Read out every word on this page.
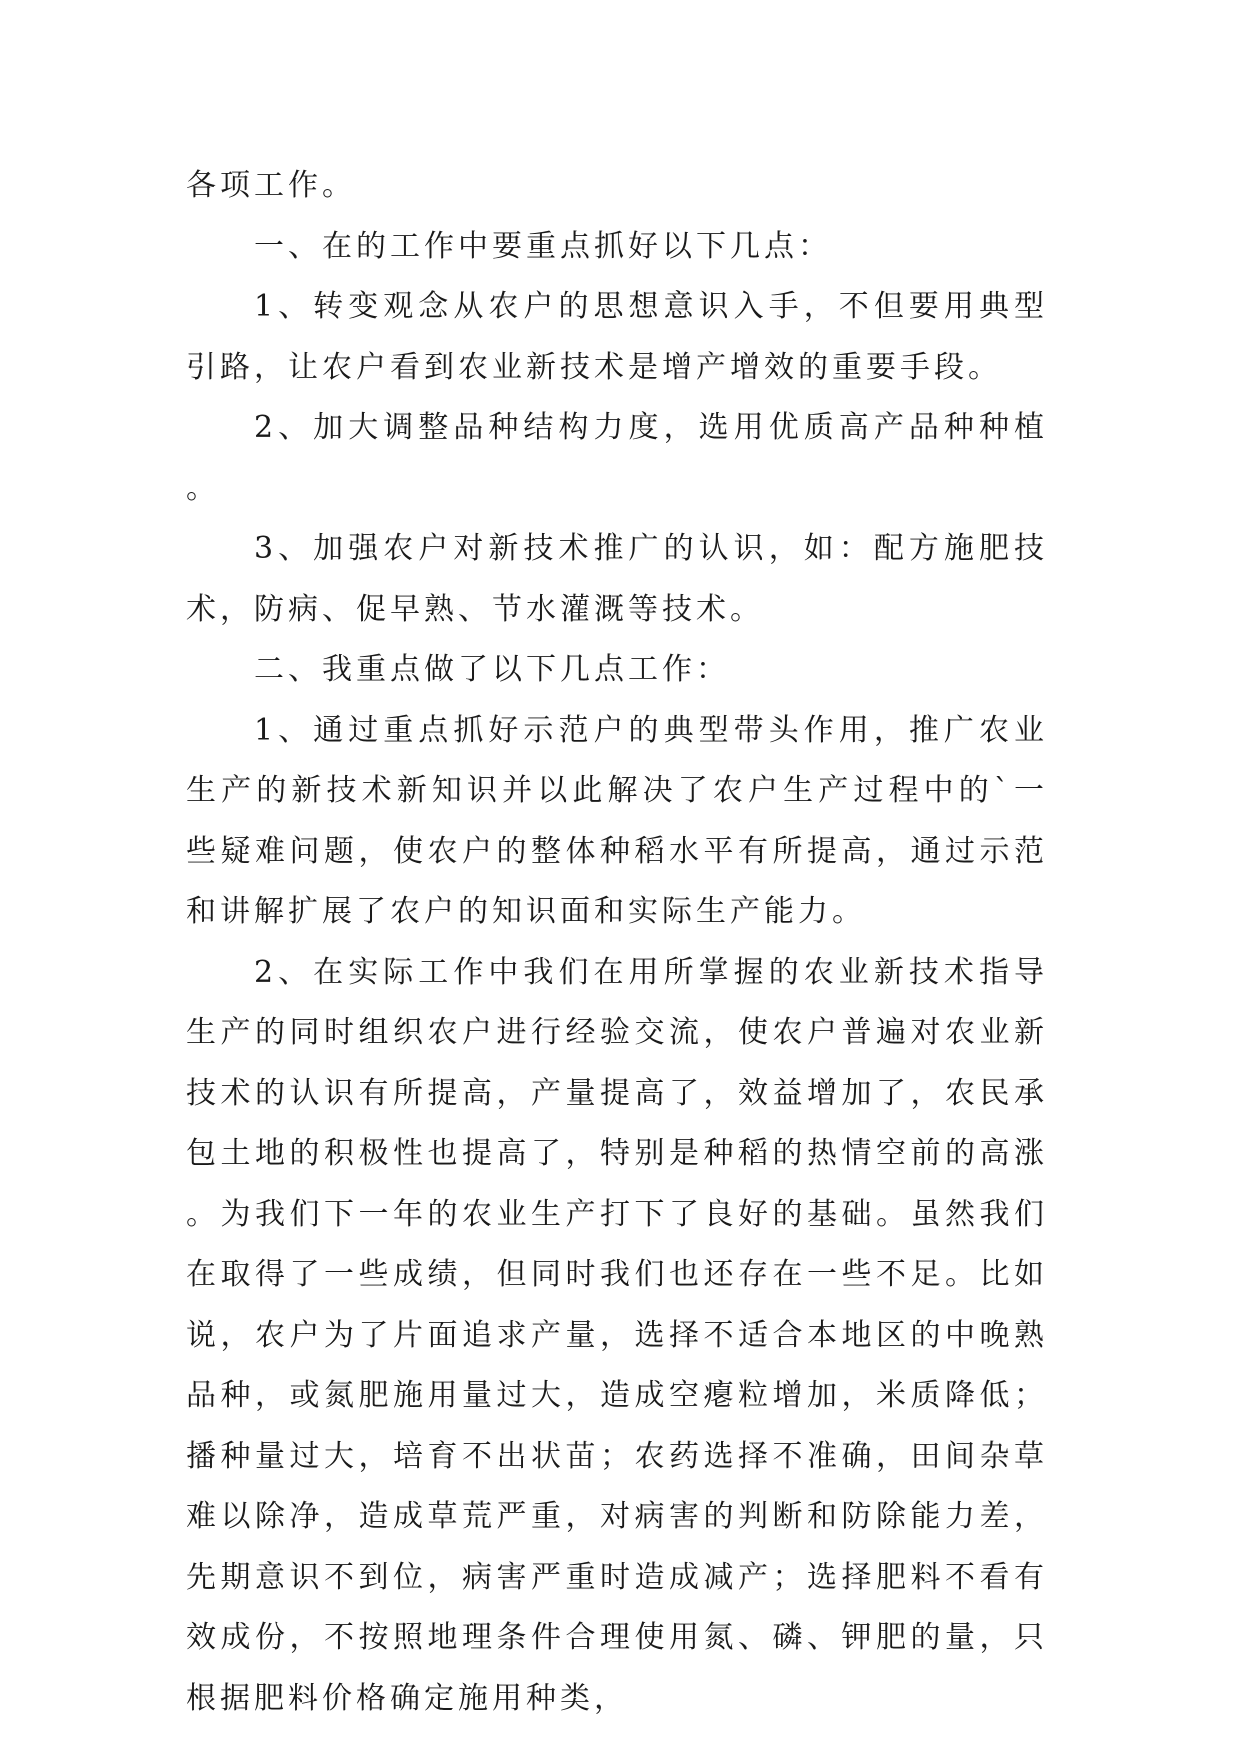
各项工作。

一、在的工作中要重点抓好以下几点：

1、转变观念从农户的思想意识入手，不但要用典型引路，让农户看到农业新技术是增产增效的重要手段。

2、加大调整品种结构力度，选用优质高产品种种植。

3、加强农户对新技术推广的认识，如：配方施肥技术，防病、促早熟、节水灌溉等技术。

二、我重点做了以下几点工作：

1、通过重点抓好示范户的典型带头作用，推广农业生产的新技术新知识并以此解决了农户生产过程中的`一些疑难问题，使农户的整体种稻水平有所提高，通过示范和讲解扩展了农户的知识面和实际生产能力。

2、在实际工作中我们在用所掌握的农业新技术指导生产的同时组织农户进行经验交流，使农户普遍对农业新技术的认识有所提高，产量提高了，效益增加了，农民承包土地的积极性也提高了，特别是种稻的热情空前的高涨。为我们下一年的农业生产打下了良好的基础。虽然我们在取得了一些成绩，但同时我们也还存在一些不足。比如说，农户为了片面追求产量，选择不适合本地区的中晚熟品种，或氮肥施用量过大，造成空瘪粒增加，米质降低；播种量过大，培育不出状苗；农药选择不准确，田间杂草难以除净，造成草荒严重，对病害的判断和防除能力差，先期意识不到位，病害严重时造成减产；选择肥料不看有效成份，不按照地理条件合理使用氮、磷、钾肥的量，只根据肥料价格确定施用种类，
